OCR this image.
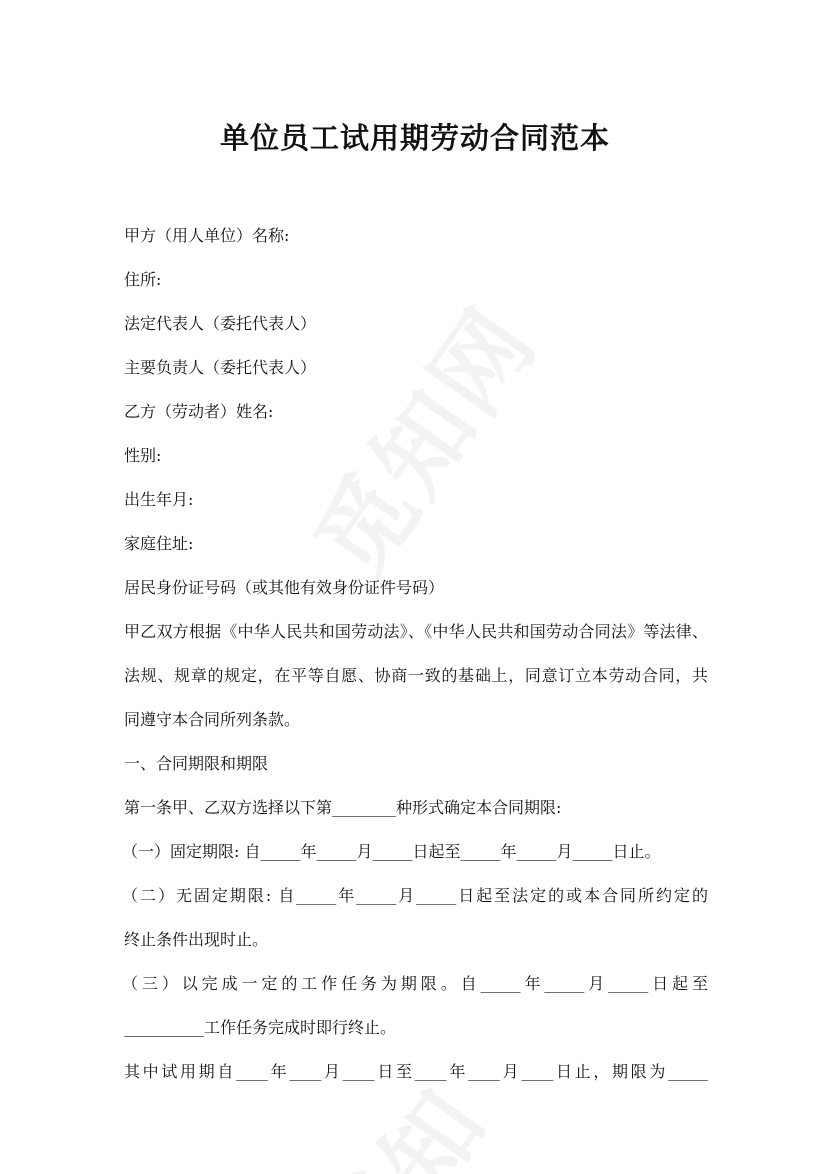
单位员工试用期劳动合同范本

甲方（用人单位）名称:

住所:

法定代表人（委托代表人）

主要负责人（委托代表人）

乙方（劳动者）姓名:

性别:

出生年月:

家庭住址:

居民身份证号码（或其他有效身份证件号码）

甲乙双方根据《中华人民共和国劳动法》、《中华人民共和国劳动合同法》等法律、

法规、规章的规定，在平等自愿、协商一致的基础上，同意订立本劳动合同，共

同遵守本合同所列条款。

一、合同期限和期限

第一条甲、乙双方选择以下第________种形式确定本合同期限:

（一）固定期限: 自_____年_____月_____日起至_____年_____月_____日止。

（二）无固定期限: 自_____年_____月_____日起至法定的或本合同所约定的

终止条件出现时止。

（三）以完成一定的工作任务为期限。自_____年_____月_____日起至

__________工作任务完成时即行终止。

其中试用期自____年____月____日至____年____月____日止，期限为_____
